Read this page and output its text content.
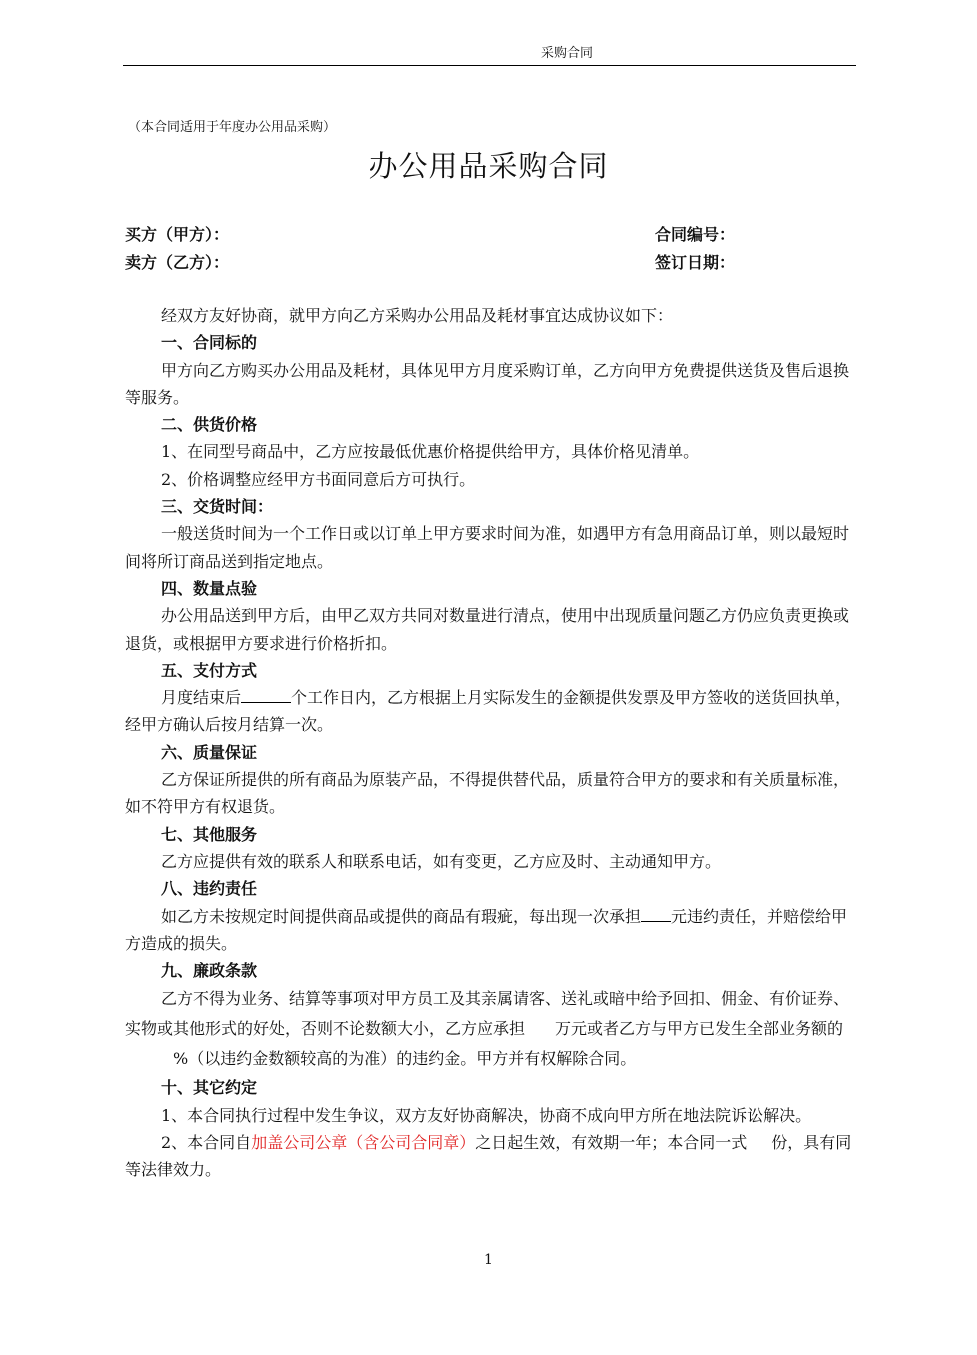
采购合同
（本合同适用于年度办公用品采购）
办公用品采购合同
买方（甲方）：
卖方（乙方）：
合同编号：
签订日期：

经双方友好协商，就甲方向乙方采购办公用品及耗材事宜达成协议如下：

一、合同标的

甲方向乙方购买办公用品及耗材，具体见甲方月度采购订单，乙方向甲方免费提供送货及售后退换等服务。

二、供货价格

1、在同型号商品中，乙方应按最低优惠价格提供给甲方，具体价格见清单。

2、价格调整应经甲方书面同意后方可执行。

三、交货时间：

一般送货时间为一个工作日或以订单上甲方要求时间为准，如遇甲方有急用商品订单，则以最短时间将所订商品送到指定地点。

四、数量点验

办公用品送到甲方后，由甲乙双方共同对数量进行清点，使用中出现质量问题乙方仍应负责更换或退货，或根据甲方要求进行价格折扣。

五、支付方式

月度结束后	个工作日内，乙方根据上月实际发生的金额提供发票及甲方签收的送货回执单，经甲方确认后按月结算一次。

六、质量保证

乙方保证所提供的所有商品为原装产品，不得提供替代品，质量符合甲方的要求和有关质量标准，如不符甲方有权退货。

七、其他服务

乙方应提供有效的联系人和联系电话，如有变更，乙方应及时、主动通知甲方。

八、违约责任

如乙方未按规定时间提供商品或提供的商品有瑕疵，每出现一次承担 元违约责任，并赔偿给甲方造成的损失。

九、廉政条款

乙方不得为业务、结算等事项对甲方员工及其亲属请客、送礼或暗中给予回扣、佣金、有价证券、实物或其他形式的好处，否则不论数额大小，乙方应承担 万元或者乙方与甲方已发生全部业务额的%（以违约金数额较高的为准）的违约金。甲方并有权解除合同。

十、其它约定

1、本合同执行过程中发生争议，双方友好协商解决，协商不成向甲方所在地法院诉讼解决。

2、本合同自加盖公司公章（含公司合同章）之日起生效，有效期一年；本合同一式 份，具有同等法律效力。

1
